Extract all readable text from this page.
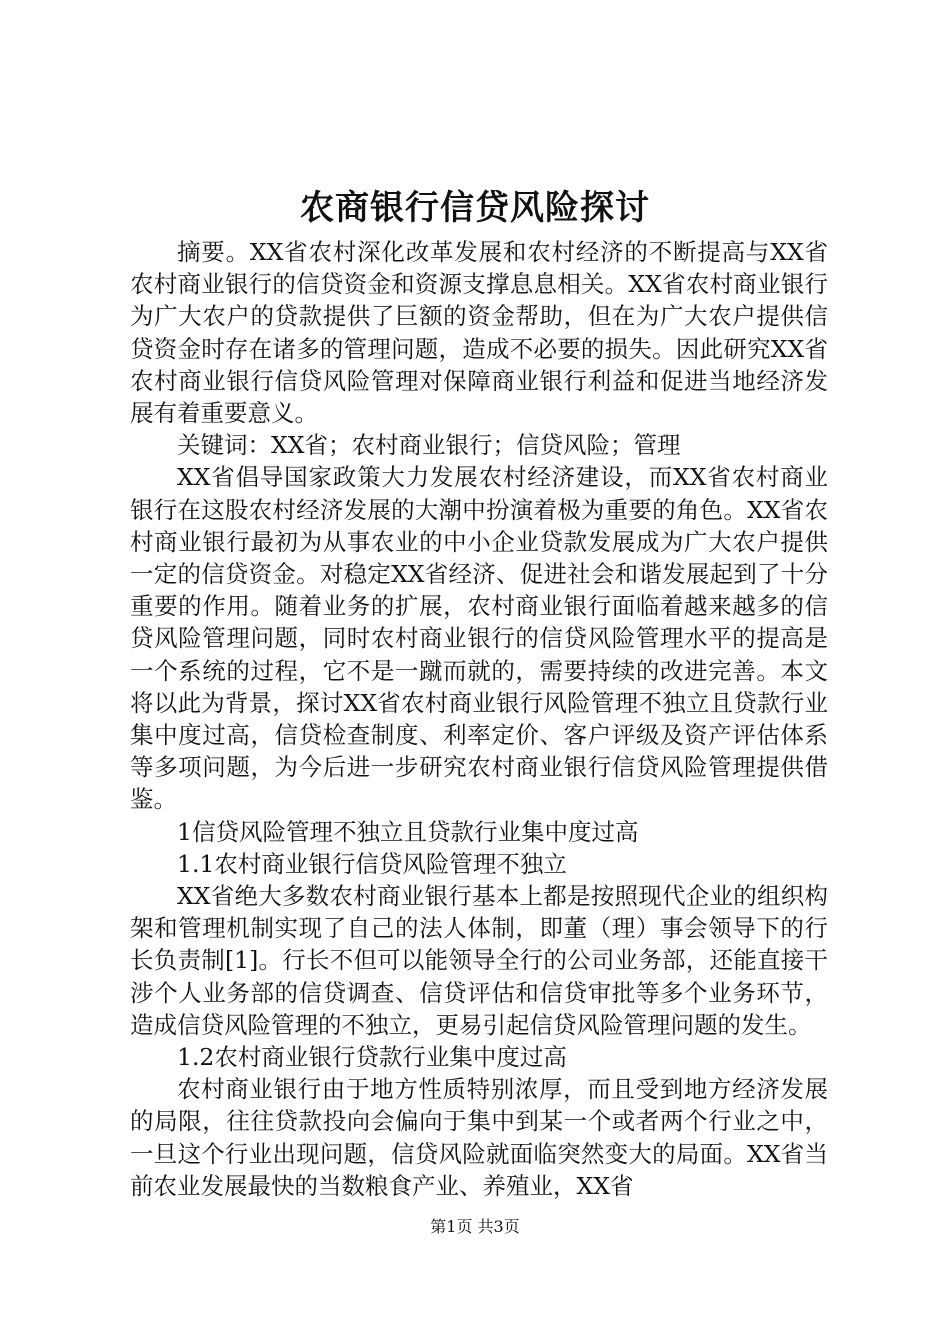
农商银行信贷风险探讨

摘要。XX省农村深化改革发展和农村经济的不断提高与XX省农村商业银行的信贷资金和资源支撑息息相关。XX省农村商业银行为广大农户的贷款提供了巨额的资金帮助，但在为广大农户提供信贷资金时存在诸多的管理问题，造成不必要的损失。因此研究XX省农村商业银行信贷风险管理对保障商业银行利益和促进当地经济发展有着重要意义。

关键词：XX省；农村商业银行；信贷风险；管理

XX省倡导国家政策大力发展农村经济建设，而XX省农村商业银行在这股农村经济发展的大潮中扮演着极为重要的角色。XX省农村商业银行最初为从事农业的中小企业贷款发展成为广大农户提供一定的信贷资金。对稳定XX省经济、促进社会和谐发展起到了十分重要的作用。随着业务的扩展，农村商业银行面临着越来越多的信贷风险管理问题，同时农村商业银行的信贷风险管理水平的提高是一个系统的过程，它不是一蹴而就的，需要持续的改进完善。本文将以此为背景，探讨XX省农村商业银行风险管理不独立且贷款行业集中度过高，信贷检查制度、利率定价、客户评级及资产评估体系等多项问题，为今后进一步研究农村商业银行信贷风险管理提供借鉴。

1信贷风险管理不独立且贷款行业集中度过高

1.1农村商业银行信贷风险管理不独立

XX省绝大多数农村商业银行基本上都是按照现代企业的组织构架和管理机制实现了自己的法人体制，即董（理）事会领导下的行长负责制[1]。行长不但可以能领导全行的公司业务部，还能直接干涉个人业务部的信贷调查、信贷评估和信贷审批等多个业务环节，造成信贷风险管理的不独立，更易引起信贷风险管理问题的发生。

1.2农村商业银行贷款行业集中度过高

农村商业银行由于地方性质特别浓厚，而且受到地方经济发展的局限，往往贷款投向会偏向于集中到某一个或者两个行业之中，一旦这个行业出现问题，信贷风险就面临突然变大的局面。XX省当前农业发展最快的当数粮食产业、养殖业，XX省

第1页 共3页
